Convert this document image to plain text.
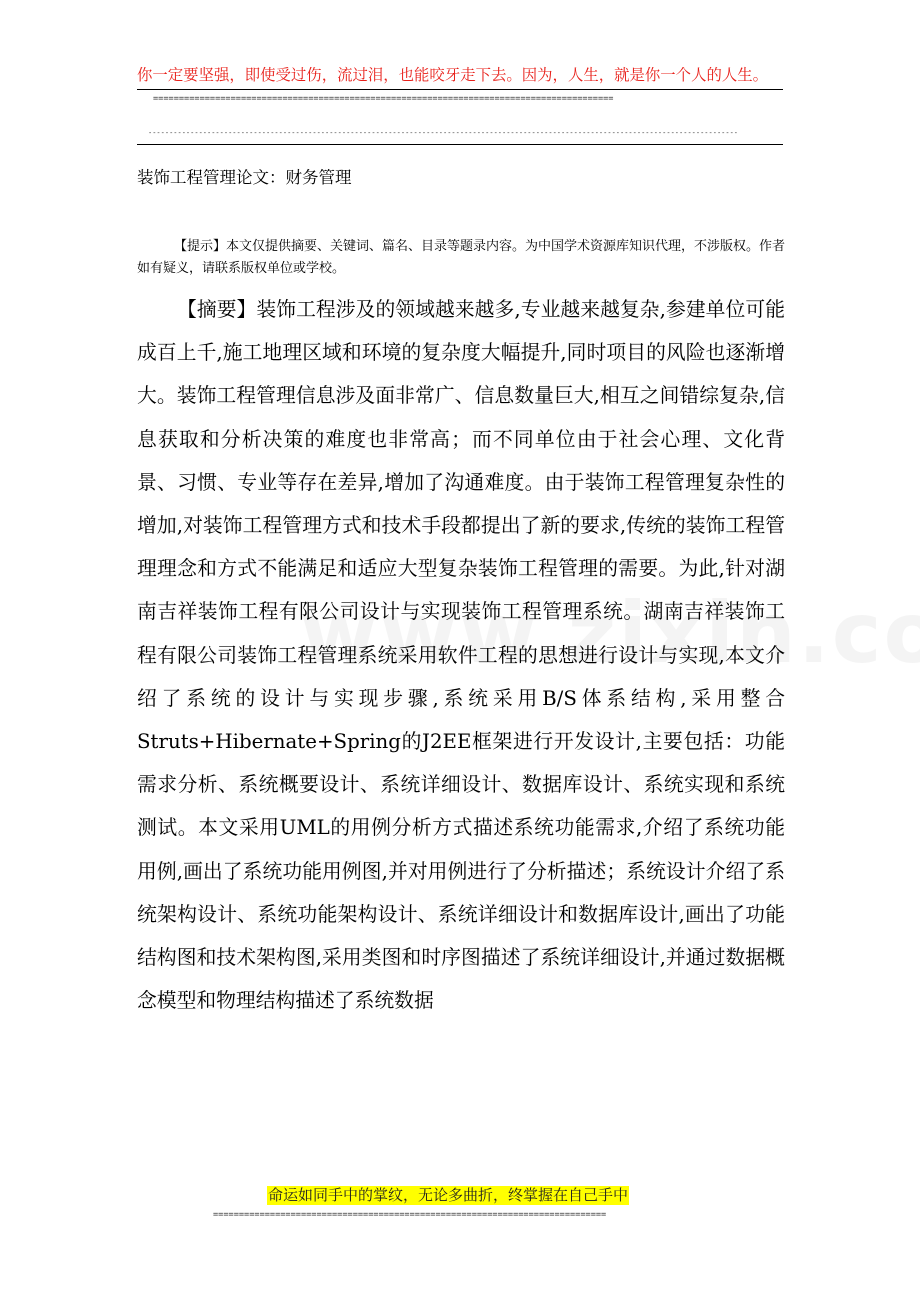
你一定要坚强，即使受过伤，流过泪，也能咬牙走下去。因为，人生，就是你一个人的人生。
=========================================================================================
--------------------------------------------------------------------------------------------------------------------------------------------
装饰工程管理论文：财务管理
【提示】本文仅提供摘要、关键词、篇名、目录等题录内容。为中国学术资源库知识代理，不涉版权。作者如有疑义，请联系版权单位或学校。
【摘要】装饰工程涉及的领域越来越多,专业越来越复杂,参建单位可能成百上千,施工地理区域和环境的复杂度大幅提升,同时项目的风险也逐渐增大。装饰工程管理信息涉及面非常广、信息数量巨大,相互之间错综复杂,信息获取和分析决策的难度也非常高；而不同单位由于社会心理、文化背景、习惯、专业等存在差异,增加了沟通难度。由于装饰工程管理复杂性的增加,对装饰工程管理方式和技术手段都提出了新的要求,传统的装饰工程管理理念和方式不能满足和适应大型复杂装饰工程管理的需要。为此,针对湖南吉祥装饰工程有限公司设计与实现装饰工程管理系统。湖南吉祥装饰工程有限公司装饰工程管理系统采用软件工程的思想进行设计与实现,本文介绍了系统的设计与实现步骤,系统采用B/S体系结构,采用整合Struts+Hibernate+Spring的J2EE框架进行开发设计,主要包括：功能需求分析、系统概要设计、系统详细设计、数据库设计、系统实现和系统测试。本文采用UML的用例分析方式描述系统功能需求,介绍了系统功能用例,画出了系统功能用例图,并对用例进行了分析描述；系统设计介绍了系统架构设计、系统功能架构设计、系统详细设计和数据库设计,画出了功能结构图和技术架构图,采用类图和时序图描述了系统详细设计,并通过数据概念模型和物理结构描述了系统数据
命运如同手中的掌纹，无论多曲折，终掌握在自己手中
============================================================================
